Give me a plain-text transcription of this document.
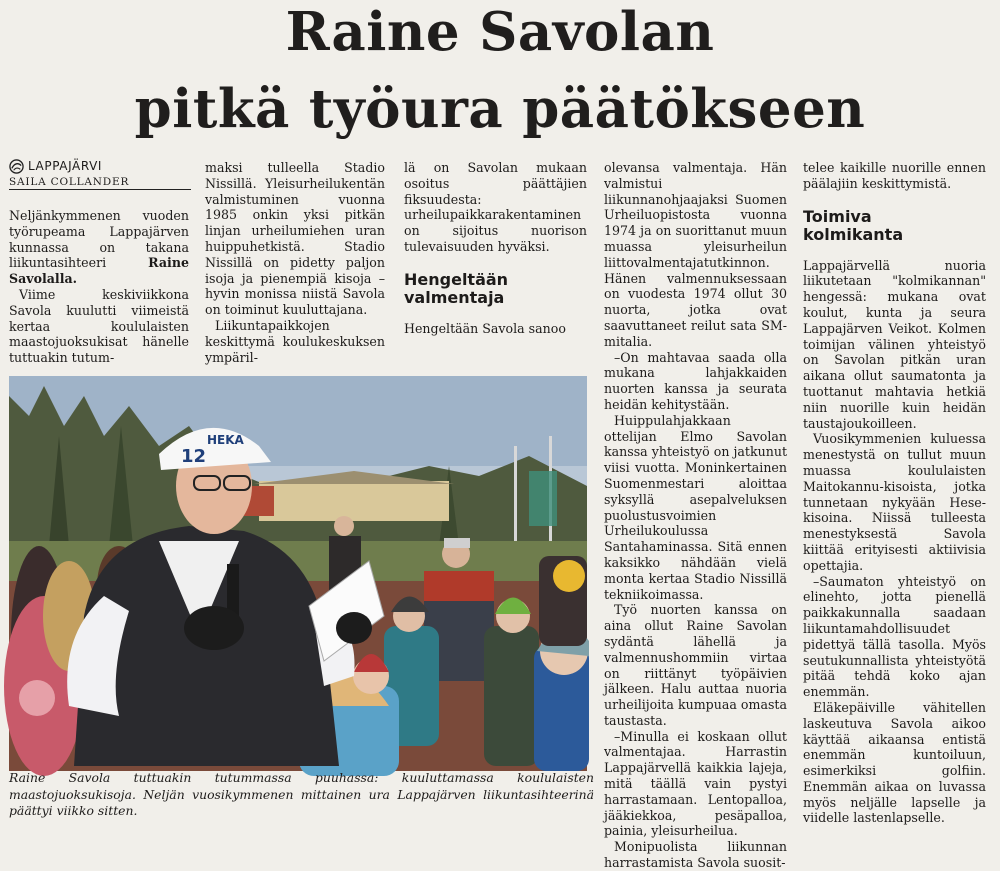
Raine Savolan
pitkä työura päätökseen
LAPPAJÄRVI
SAILA COLLANDER

Neljänkymmenen vuoden työrupeama Lappajärven kunnassa on takana liikuntasihteeri	Raine Savolalla.

Viime keskiviikkona Savola kuulutti viimeistä kertaa koululaisten maastojuoksukisat hänelle tuttuakin tutum-

maksi tulleella Stadio Nissillä. Yleisurheilukentän valmistuminen vuonna 1985 onkin yksi pitkän linjan urheilumiehen uran huippuhetkistä. Stadio Nissillä on pidetty paljon isoja ja pienempiä kisoja – hyvin monissa niistä Savola on toiminut kuuluttajana.

Liikuntapaikkojen keskittymä koulukeskuksen ympäril-

lä on Savolan mukaan osoitus päättäjien fiksuudesta: urheilupaikkarakentaminen on sijoitus nuorison tulevaisuuden hyväksi.

Hengeltään valmentaja

Hengeltään Savola sanoo

olevansa valmentaja. Hän valmistui liikunnanohjaajaksi Suomen Urheiluopistosta vuonna 1974 ja on suorittanut muun muassa yleisurheilun liittovalmentajatutkinnon. Hänen valmennuksessaan on vuodesta 1974 ollut 30 nuorta, jotka ovat saavuttaneet reilut sata SM-mitalia.

–On mahtavaa saada olla mukana lahjakkaiden nuorten kanssa ja seurata heidän kehitystään.

Huippulahjakkaan ottelijan Elmo Savolan kanssa yhteistyö on jatkunut viisi vuotta. Moninkertainen Suomenmestari aloittaa syksyllä asepalveluksen puolustusvoimien Urheilukoulussa Santahaminassa. Sitä ennen kaksikko nähdään vielä monta kertaa Stadio Nissillä tekniikoimassa.

Työ nuorten kanssa on aina ollut Raine Savolan sydäntä lähellä ja valmennushommiin virtaa on riittänyt työpäivien jälkeen. Halu auttaa nuoria urheilijoita kumpuaa omasta taustasta.

–Minulla ei koskaan ollut valmentajaa. Harrastin Lappajärvellä kaikkia lajeja, mitä täällä vain pystyi harrastamaan. Lentopalloa, jääkiekkoa, pesäpalloa, painia, yleisurheilua.

Monipuolista liikunnan harrastamista Savola suosit-

telee kaikille nuorille ennen päälajiin keskittymistä.

Toimiva kolmikanta

Lappajärvellä nuoria liikutetaan "kolmikannan" hengessä: mukana ovat koulut, kunta ja seura Lappajärven Veikot. Kolmen toimijan välinen yhteistyö on Savolan pitkän uran aikana ollut saumatonta ja tuottanut mahtavia hetkiä niin nuorille kuin heidän taustajoukoilleen.

Vuosikymmenien kuluessa menestystä on tullut muun muassa koululaisten Maitokannu-kisoista, jotka tunnetaan nykyään Hese-kisoina. Niissä tulleesta menestyksestä Savola kiittää erityisesti aktiivisia opettajia.

–Saumaton yhteistyö on elinehto, jotta pienellä paikkakunnalla saadaan liikuntamahdollisuudet pidettyä tällä tasolla. Myös seutukunnallista yhteistyötä pitää tehdä koko ajan enemmän.

Eläkepäiville vähitellen laskeutuva Savola aikoo käyttää aikaansa entistä enemmän kuntoiluun, esimerkiksi golfiin. Enemmän aikaa on luvassa myös neljälle lapselle ja viidelle lastenlapselle.

12
HEKA
Raine Savola tuttuakin tutummassa puuhassa: kuuluttamassa koululaisten maastojuoksukisoja. Neljän vuosikymmenen mittainen ura Lappajärven liikuntasihteerinä päättyi viikko sitten.
